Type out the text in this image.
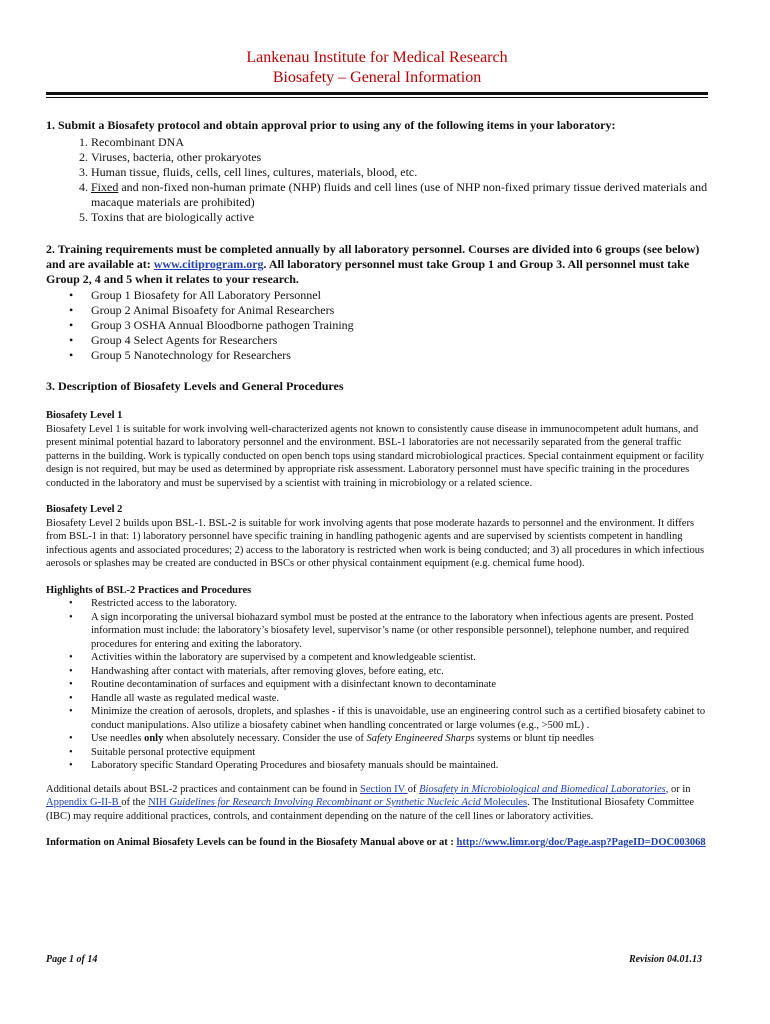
Lankenau Institute for Medical Research
Biosafety – General Information
1. Submit a Biosafety protocol and obtain approval prior to using any of the following items in your laboratory:
1. Recombinant DNA
2. Viruses, bacteria, other prokaryotes
3. Human tissue, fluids, cells, cell lines, cultures, materials, blood, etc.
4. Fixed and non-fixed non-human primate (NHP) fluids and cell lines (use of NHP non-fixed primary tissue derived materials and macaque materials are prohibited)
5. Toxins that are biologically active
2. Training requirements must be completed annually by all laboratory personnel. Courses are divided into 6 groups (see below) and are available at: www.citiprogram.org. All laboratory personnel must take Group 1 and Group 3. All personnel must take Group 2, 4 and 5 when it relates to your research.
• Group 1 Biosafety for All Laboratory Personnel
• Group 2 Animal Bisoafety for Animal Researchers
• Group 3 OSHA Annual Bloodborne pathogen Training
• Group 4 Select Agents for Researchers
• Group 5 Nanotechnology for Researchers
3. Description of Biosafety Levels and General Procedures
Biosafety Level 1

Biosafety Level 1 is suitable for work involving well-characterized agents not known to consistently cause disease in immunocompetent adult humans, and present minimal potential hazard to laboratory personnel and the environment. BSL-1 laboratories are not necessarily separated from the general traffic patterns in the building. Work is typically conducted on open bench tops using standard microbiological practices. Special containment equipment or facility design is not required, but may be used as determined by appropriate risk assessment. Laboratory personnel must have specific training in the procedures conducted in the laboratory and must be supervised by a scientist with training in microbiology or a related science.

Biosafety Level 2

Biosafety Level 2 builds upon BSL-1. BSL-2 is suitable for work involving agents that pose moderate hazards to personnel and the environment. It differs from BSL-1 in that: 1) laboratory personnel have specific training in handling pathogenic agents and are supervised by scientists competent in handling infectious agents and associated procedures; 2) access to the laboratory is restricted when work is being conducted; and 3) all procedures in which infectious aerosols or splashes may be created are conducted in BSCs or other physical containment equipment (e.g. chemical fume hood).

Highlights of BSL-2 Practices and Procedures
• Restricted access to the laboratory.
• A sign incorporating the universal biohazard symbol must be posted at the entrance to the laboratory when infectious agents are present. Posted information must include: the laboratory’s biosafety level, supervisor’s name (or other responsible personnel), telephone number, and required procedures for entering and exiting the laboratory.
• Activities within the laboratory are supervised by a competent and knowledgeable scientist.
• Handwashing after contact with materials, after removing gloves, before eating, etc.
• Routine decontamination of surfaces and equipment with a disinfectant known to decontaminate
• Handle all waste as regulated medical waste.
• Minimize the creation of aerosols, droplets, and splashes - if this is unavoidable, use an engineering control such as a certified biosafety cabinet to conduct manipulations. Also utilize a biosafety cabinet when handling concentrated or large volumes (e.g., >500 mL) .
• Use needles only when absolutely necessary. Consider the use of Safety Engineered Sharps systems or blunt tip needles
• Suitable personal protective equipment
• Laboratory specific Standard Operating Procedures and biosafety manuals should be maintained.

Additional details about BSL-2 practices and containment can be found in Section IV of Biosafety in Microbiological and Biomedical Laboratories, or in Appendix G-II-B of the NIH Guidelines for Research Involving Recombinant or Synthetic Nucleic Acid Molecules. The Institutional Biosafety Committee (IBC) may require additional practices, controls, and containment depending on the nature of the cell lines or laboratory activities.

Information on Animal Biosafety Levels can be found in the Biosafety Manual above or at : http://www.limr.org/doc/Page.asp?PageID=DOC003068

Page 1 of 14	Revision 04.01.13
